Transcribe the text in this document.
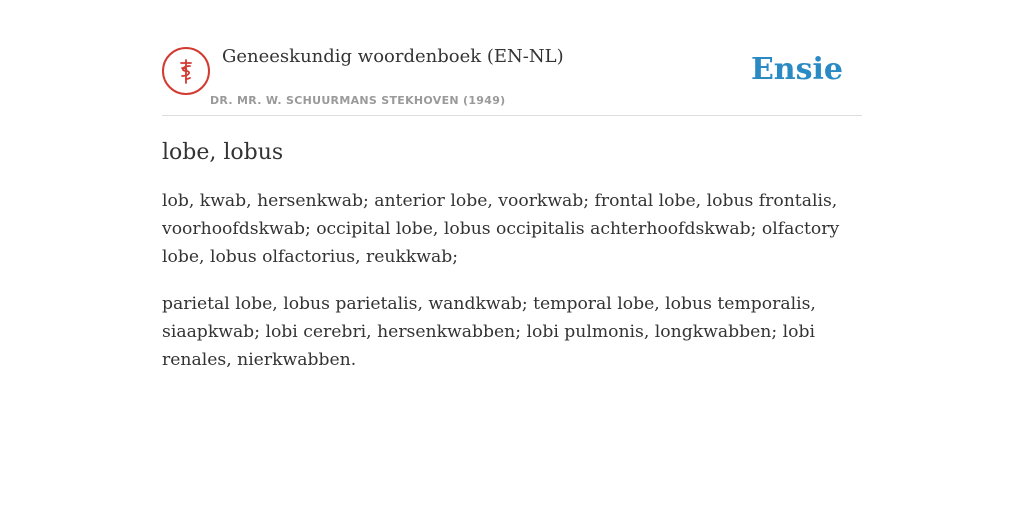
Geneeskundig woordenboek (EN-NL)
DR. MR. W. SCHUURMANS STEKHOVEN (1949)
Ensie
lobe, lobus

lob, kwab, hersenkwab; anterior lobe, voorkwab; frontal lobe, lobus frontalis, voorhoofdskwab; occipital lobe, lobus occipitalis achterhoofdskwab; olfactory lobe, lobus olfactorius, reukkwab;

parietal lobe, lobus parietalis, wandkwab; temporal lobe, lobus temporalis, siaapkwab; lobi cerebri, hersenkwabben; lobi pulmonis, longkwabben; lobi renales, nierkwabben.
